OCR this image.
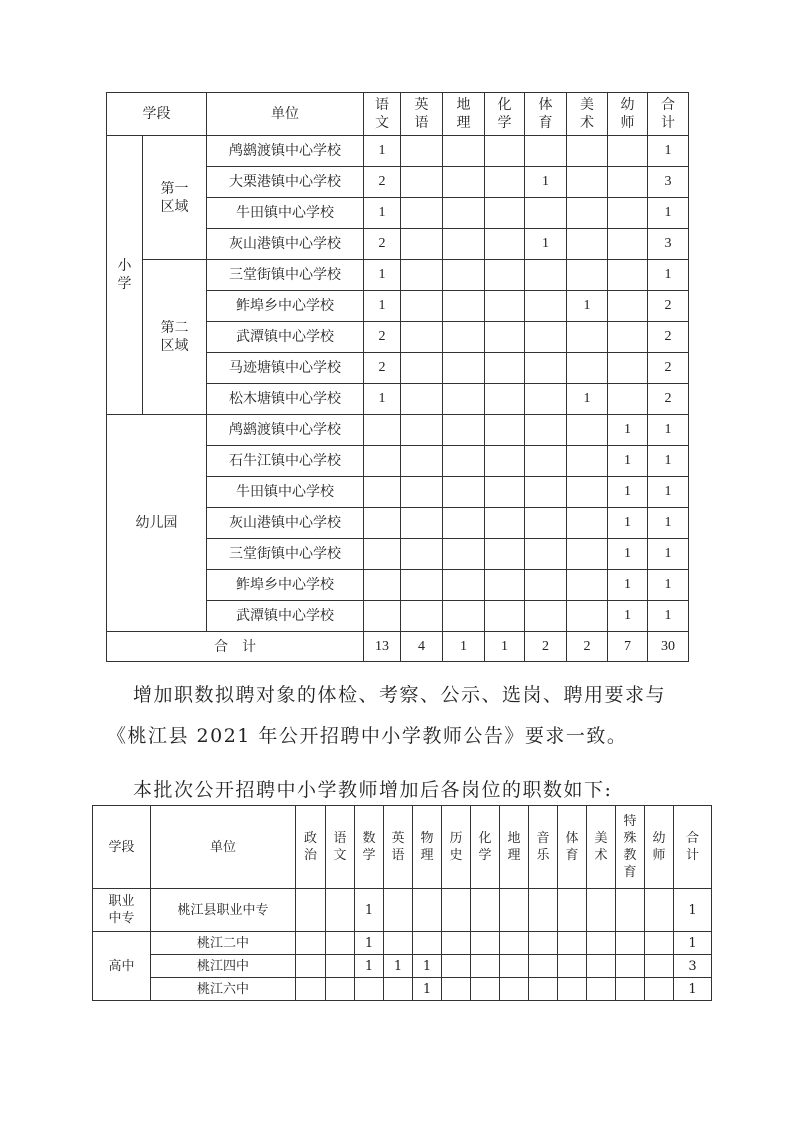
学段		单位	语文	英语	地理	化学	体育	美术	幼师	合计
小学	第一区域	鸬鹚渡镇中心学校	1							1
		大栗港镇中心学校	2				1			3
		牛田镇中心学校	1							1
		灰山港镇中心学校	2				1			3
	第二区域	三堂街镇中心学校	1							1
		鲊埠乡中心学校	1					1		2
		武潭镇中心学校	2							2
		马迹塘镇中心学校	2							2
		松木塘镇中心学校	1					1		2
幼儿园		鸬鹚渡镇中心学校							1	1
		石牛江镇中心学校							1	1
		牛田镇中心学校							1	1
		灰山港镇中心学校							1	1
		三堂街镇中心学校							1	1
		鲊埠乡中心学校							1	1
		武潭镇中心学校							1	1
合　计			13	4	1	1	2	2	7	30

增加职数拟聘对象的体检、考察、公示、选岗、聘用要求与

《桃江县 2021 年公开招聘中小学教师公告》要求一致。

本批次公开招聘中小学教师增加后各岗位的职数如下:

学段	单位	政治	语文	数学	英语	物理	历史	化学	地理	音乐	体育	美术	特殊教育	幼师	合计
职业中专	桃江县职业中专			1											1
高中	桃江二中			1											1
	桃江四中			1	1	1									3
	桃江六中					1									1
